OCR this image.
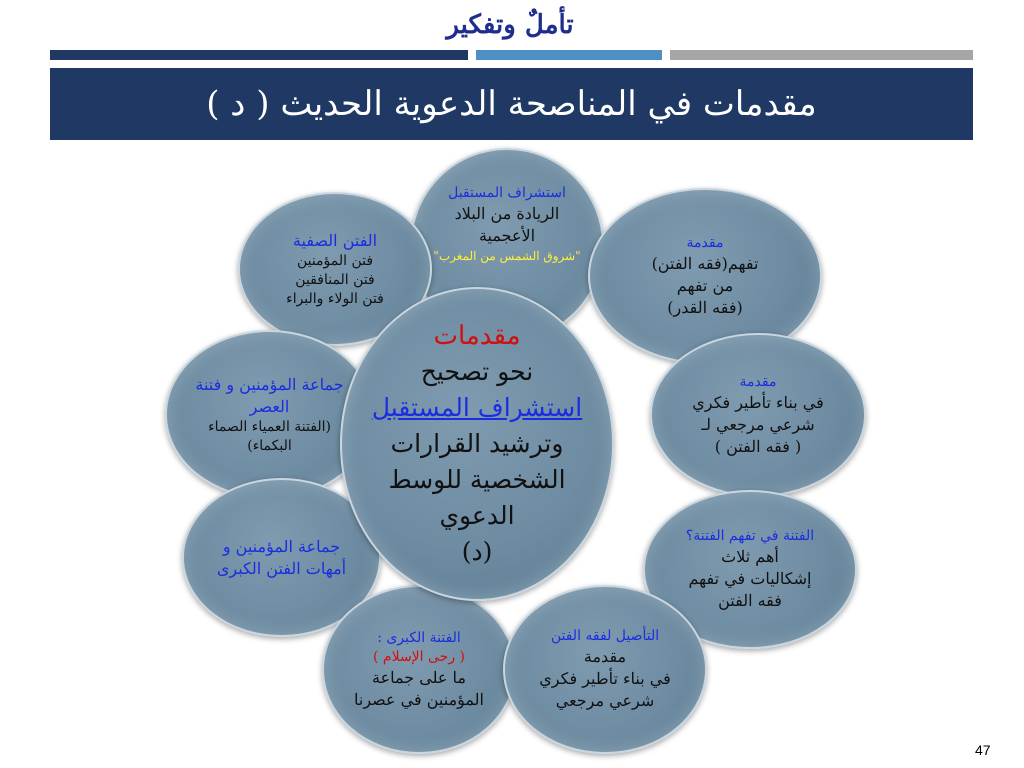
تأملٌ وتفكير
مقدمات في المناصحة الدعوية الحديث ( د )
استشراف المستقبل
الريادة من البلاد
الأعجمية
"شروق الشمس من المغرب"
الفتن الصفية
فتن المؤمنين
فتن المنافقين
فتن الولاء والبراء
مقدمة
تفهم(فقه الفتن)
من تفهم
(فقه القدر)
جماعة المؤمنين و فتنة العصر
(الفتنة العمياء الصماء البكماء)
مقدمة
في بناء تأطير فكري
شرعي مرجعي لـ
( فقه الفتن )
جماعة المؤمنين و أمهات الفتن الكبرى
الفتنة في تفهم الفتنة؟
أهم ثلاث
إشكاليات في تفهم
فقه الفتن
الفتنة الكبرى :
( رحى الإسلام )
ما على جماعة
المؤمنين في عصرنا
التأصيل لفقه الفتن
مقدمة
في بناء تأطير فكري
شرعي مرجعي
مقدمات
نحو تصحيح
استشراف المستقبل
وترشيد القرارات
الشخصية للوسط
الدعوي
(د)
47
